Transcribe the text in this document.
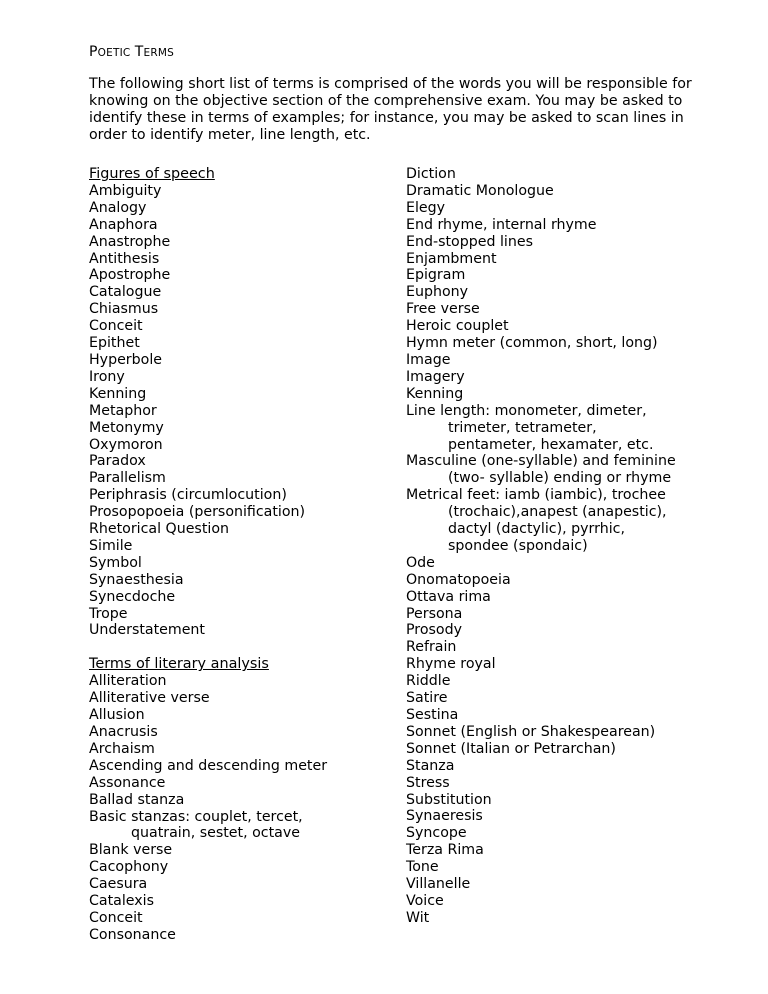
POETIC TERMS
The following short list of terms is comprised of the words you will be responsible for knowing on the objective section of the comprehensive exam. You may be asked to identify these in terms of examples; for instance, you may be asked to scan lines in order to identify meter, line length, etc.
Figures of speech
Ambiguity
Analogy
Anaphora
Anastrophe
Antithesis
Apostrophe
Catalogue
Chiasmus
Conceit
Epithet
Hyperbole
Irony
Kenning
Metaphor
Metonymy
Oxymoron
Paradox
Parallelism
Periphrasis (circumlocution)
Prosopopoeia (personification)
Rhetorical Question
Simile
Symbol
Synaesthesia
Synecdoche
Trope
Understatement
Terms of literary analysis
Alliteration
Alliterative verse
Allusion
Anacrusis
Archaism
Ascending and descending meter
Assonance
Ballad stanza
Basic stanzas: couplet, tercet,
quatrain, sestet, octave
Blank verse
Cacophony
Caesura
Catalexis
Conceit
Consonance
Diction
Dramatic Monologue
Elegy
End rhyme, internal rhyme
End-stopped lines
Enjambment
Epigram
Euphony
Free verse
Heroic couplet
Hymn meter (common, short, long)
Image
Imagery
Kenning
Line length: monometer, dimeter,
trimeter, tetrameter,
pentameter, hexamater, etc.
Masculine (one-syllable) and feminine
(two- syllable) ending or rhyme
Metrical feet: iamb (iambic), trochee
(trochaic),anapest (anapestic),
dactyl (dactylic), pyrrhic,
spondee (spondaic)
Ode
Onomatopoeia
Ottava rima
Persona
Prosody
Refrain
Rhyme royal
Riddle
Satire
Sestina
Sonnet (English or Shakespearean)
Sonnet (Italian or Petrarchan)
Stanza
Stress
Substitution
Synaeresis
Syncope
Terza Rima
Tone
Villanelle
Voice
Wit
